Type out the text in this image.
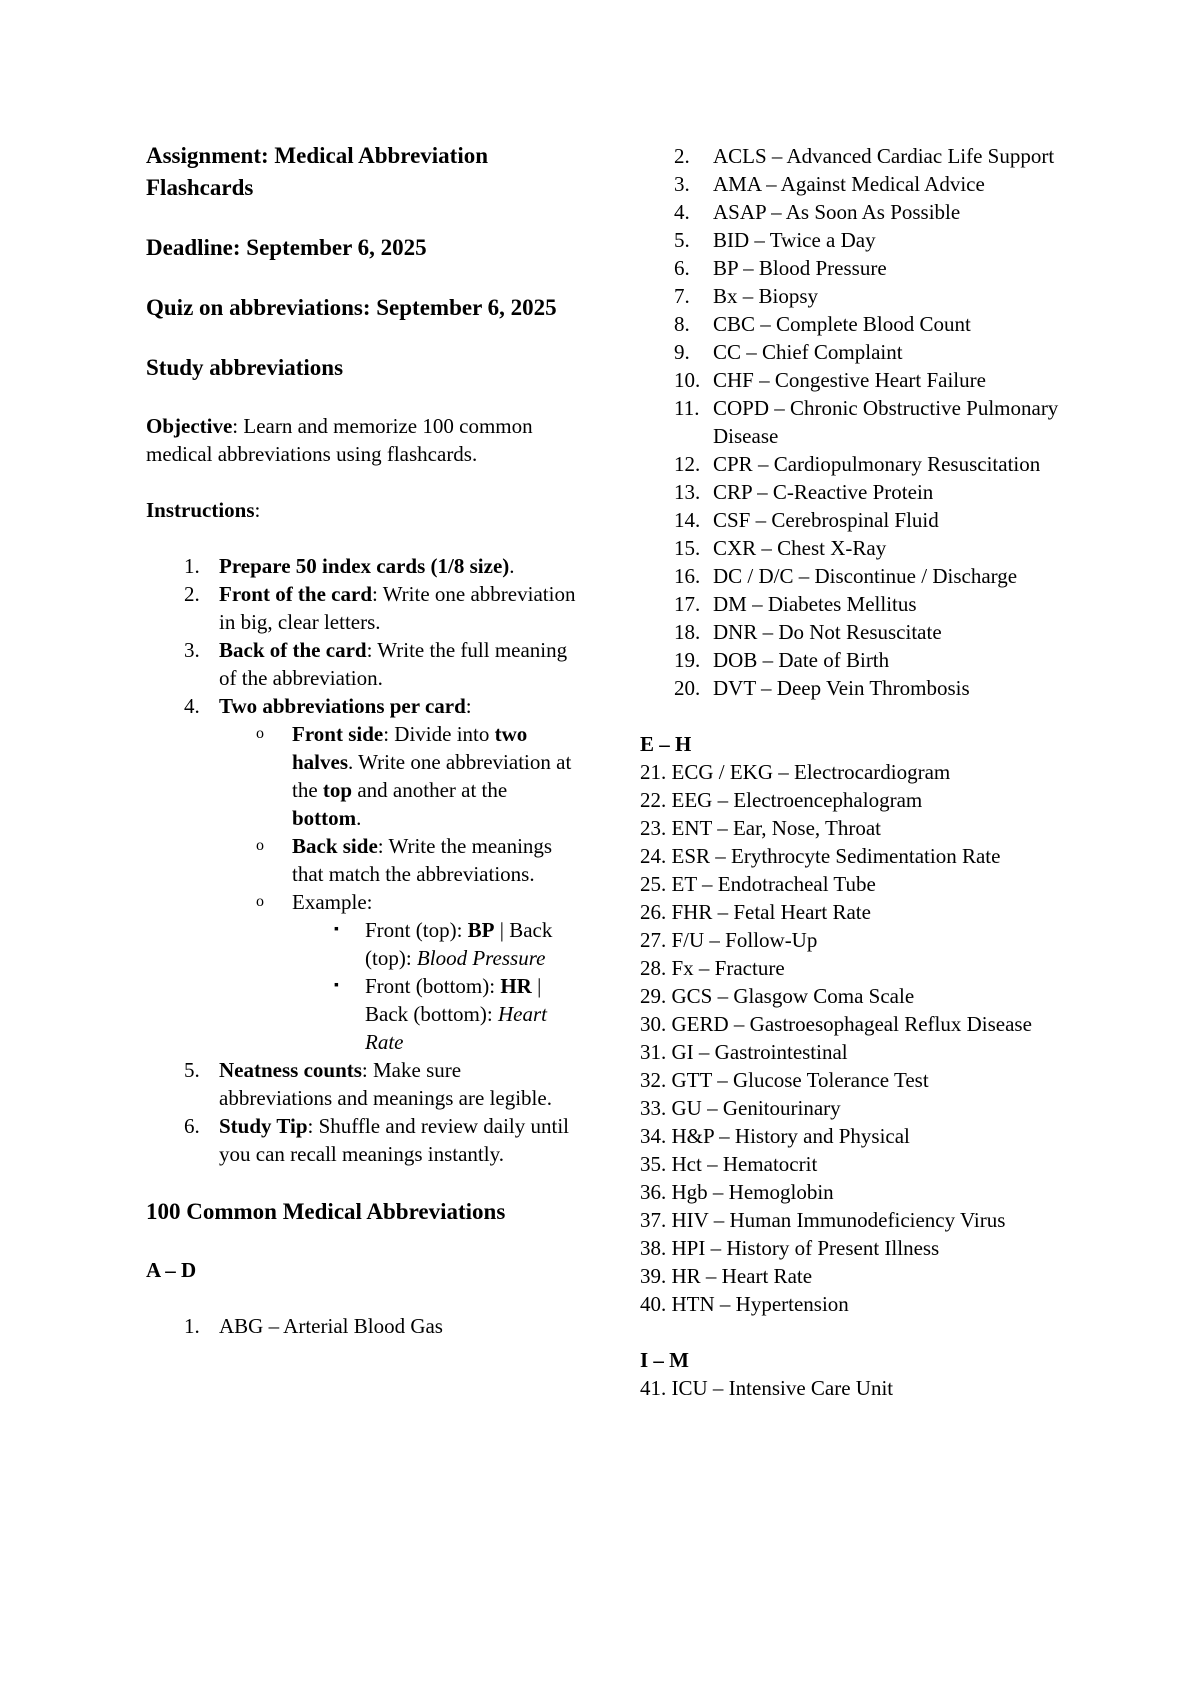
Assignment: Medical Abbreviation Flashcards

Deadline: September 6, 2025

Quiz on abbreviations: September 6, 2025

Study abbreviations

Objective: Learn and memorize 100 common medical abbreviations using flashcards.

Instructions:

1. Prepare 50 index cards (1/8 size).
2. Front of the card: Write one abbreviation in big, clear letters.
3. Back of the card: Write the full meaning of the abbreviation.
4. Two abbreviations per card:
o Front side: Divide into two halves. Write one abbreviation at the top and another at the bottom.
o Back side: Write the meanings that match the abbreviations.
o Example:
▪ Front (top): BP | Back (top): Blood Pressure
▪ Front (bottom): HR | Back (bottom): Heart Rate
5. Neatness counts: Make sure abbreviations and meanings are legible.
6. Study Tip: Shuffle and review daily until you can recall meanings instantly.

100 Common Medical Abbreviations

A – D

1. ABG – Arterial Blood Gas
2. ACLS – Advanced Cardiac Life Support
3. AMA – Against Medical Advice
4. ASAP – As Soon As Possible
5. BID – Twice a Day
6. BP – Blood Pressure
7. Bx – Biopsy
8. CBC – Complete Blood Count
9. CC – Chief Complaint
10. CHF – Congestive Heart Failure
11. COPD – Chronic Obstructive Pulmonary Disease
12. CPR – Cardiopulmonary Resuscitation
13. CRP – C-Reactive Protein
14. CSF – Cerebrospinal Fluid
15. CXR – Chest X-Ray
16. DC / D/C – Discontinue / Discharge
17. DM – Diabetes Mellitus
18. DNR – Do Not Resuscitate
19. DOB – Date of Birth
20. DVT – Deep Vein Thrombosis

E – H

21. ECG / EKG – Electrocardiogram
22. EEG – Electroencephalogram
23. ENT – Ear, Nose, Throat
24. ESR – Erythrocyte Sedimentation Rate
25. ET – Endotracheal Tube
26. FHR – Fetal Heart Rate
27. F/U – Follow-Up
28. Fx – Fracture
29. GCS – Glasgow Coma Scale
30. GERD – Gastroesophageal Reflux Disease
31. GI – Gastrointestinal
32. GTT – Glucose Tolerance Test
33. GU – Genitourinary
34. H&P – History and Physical
35. Hct – Hematocrit
36. Hgb – Hemoglobin
37. HIV – Human Immunodeficiency Virus
38. HPI – History of Present Illness
39. HR – Heart Rate
40. HTN – Hypertension

I – M

41. ICU – Intensive Care Unit
